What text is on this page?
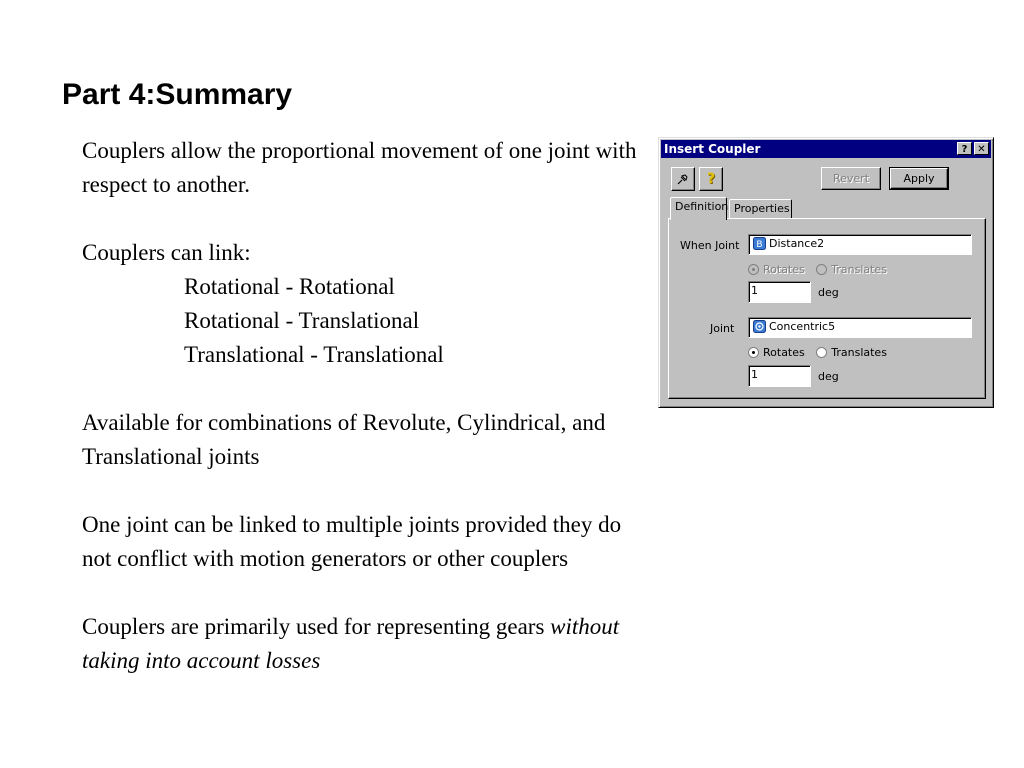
Part 4:Summary

Couplers allow the proportional movement of one joint with respect to another.

Couplers can link:

Rotational - Rotational

Rotational - Translational

Translational - Translational

Available for combinations of Revolute, Cylindrical, and Translational joints

One joint can be linked to multiple joints provided they do not conflict with motion generators or other couplers

Couplers are primarily used for representing gears without taking into account losses

Insert Coupler	? ✕
?	Revert	Apply
Properties
Definition
When Joint B Distance2
Rotates Translates
1	deg
Joint	Concentric5
Rotates Translates
1	deg
